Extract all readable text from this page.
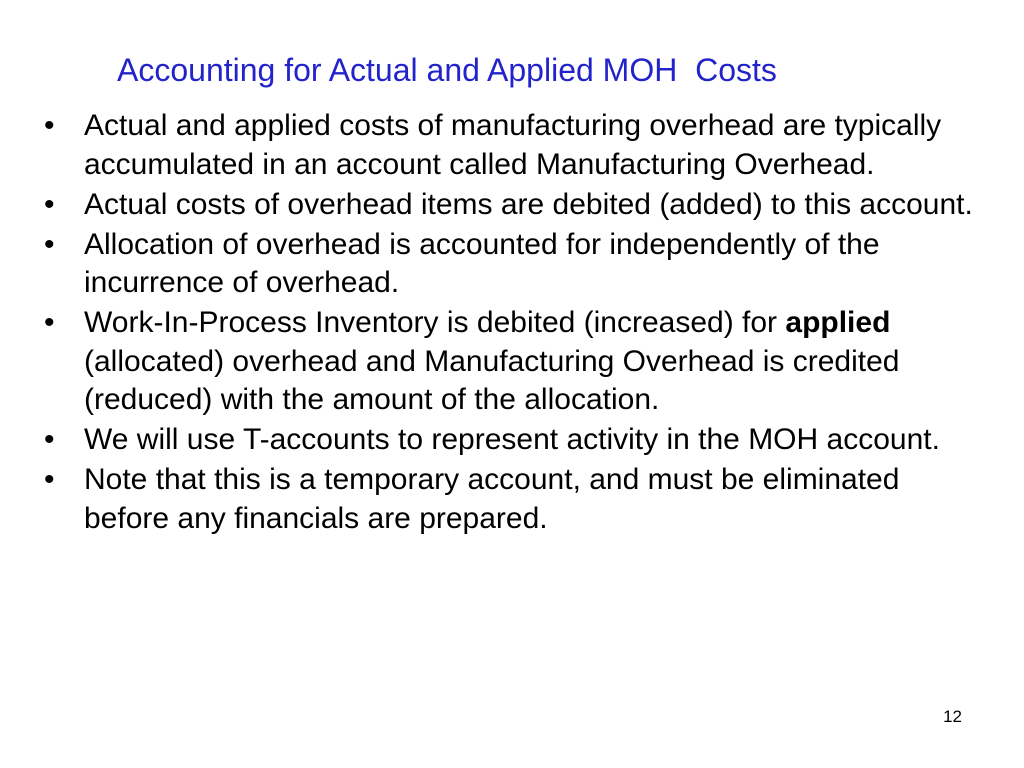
Accounting for Actual and Applied MOH  Costs
• Actual and applied costs of manufacturing overhead are typically accumulated in an account called Manufacturing Overhead.
• Actual costs of overhead items are debited (added) to this account.
• Allocation of overhead is accounted for independently of the incurrence of overhead.
• Work-In-Process Inventory is debited (increased) for applied (allocated) overhead and Manufacturing Overhead is credited (reduced) with the amount of the allocation.
• We will use T-accounts to represent activity in the MOH account.
• Note that this is a temporary account, and must be eliminated before any financials are prepared.
12
